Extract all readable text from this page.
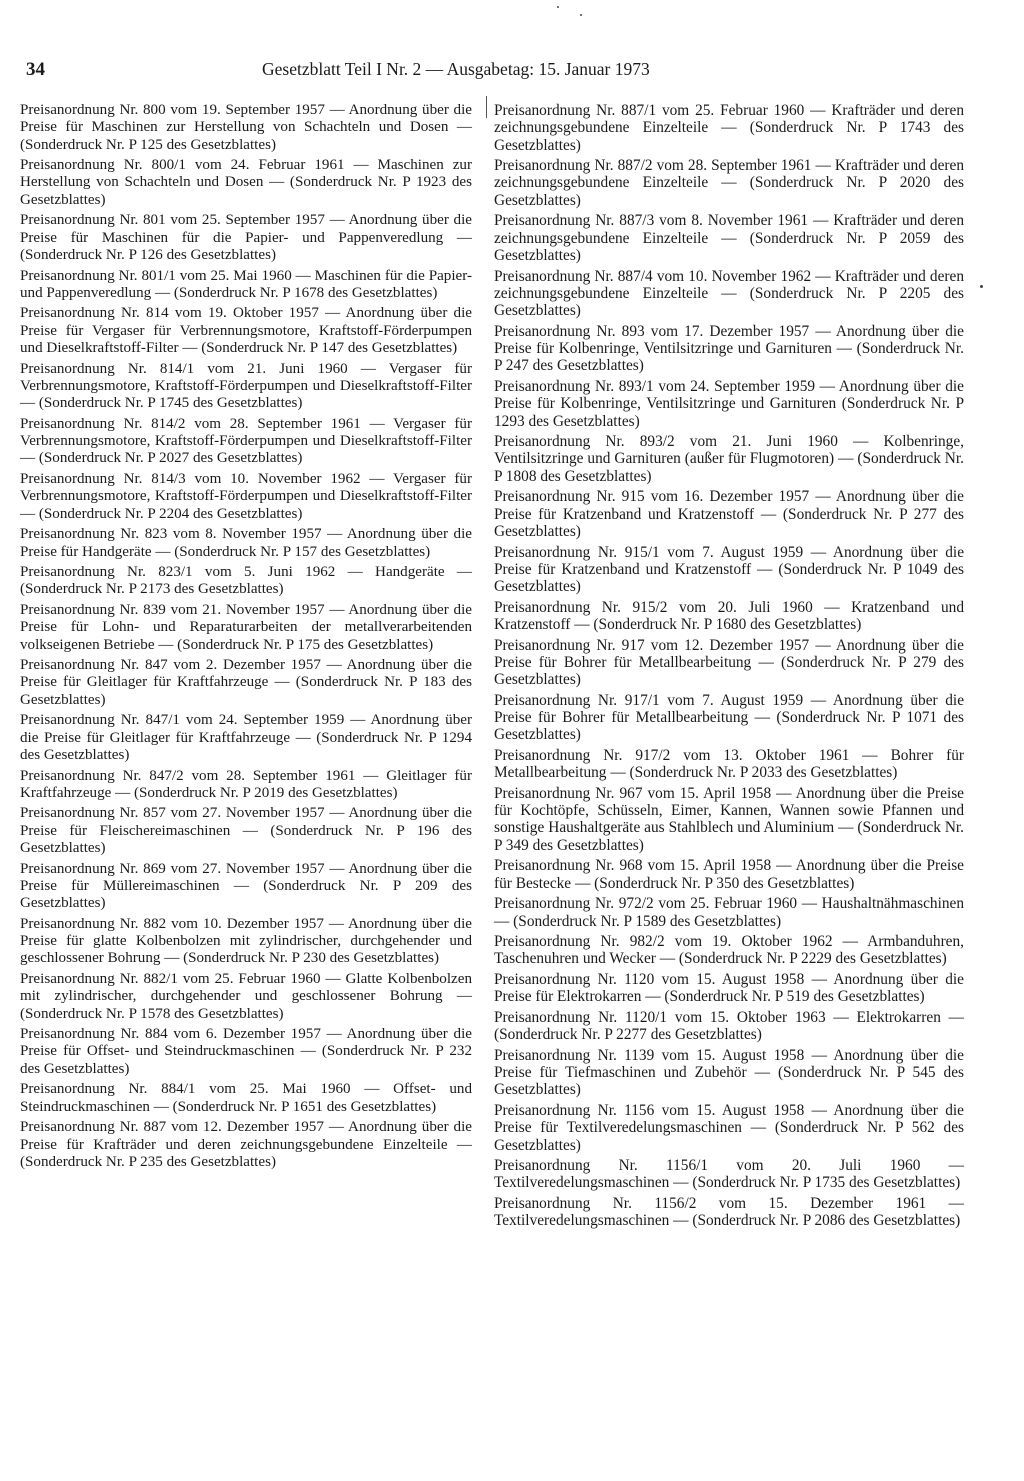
34	Gesetzblatt Teil I Nr. 2 — Ausgabetag: 15. Januar 1973

Preisanordnung Nr. 800 vom 19. September 1957 — Anordnung über die Preise für Maschinen zur Herstellung von Schachteln und Dosen — (Sonderdruck Nr. P 125 des Gesetzblattes)

Preisanordnung Nr. 800/1 vom 24. Februar 1961 — Maschinen zur Herstellung von Schachteln und Dosen — (Sonderdruck Nr. P 1923 des Gesetzblattes)

Preisanordnung Nr. 801 vom 25. September 1957 — Anordnung über die Preise für Maschinen für die Papier- und Pappenveredlung — (Sonderdruck Nr. P 126 des Gesetzblattes)

Preisanordnung Nr. 801/1 vom 25. Mai 1960 — Maschinen für die Papier- und Pappenveredlung — (Sonderdruck Nr. P 1678 des Gesetzblattes)

Preisanordnung Nr. 814 vom 19. Oktober 1957 — Anordnung über die Preise für Vergaser für Verbrennungsmotore, Kraftstoff-Förderpumpen und Dieselkraftstoff-Filter — (Sonderdruck Nr. P 147 des Gesetzblattes)

Preisanordnung Nr. 814/1 vom 21. Juni 1960 — Vergaser für Verbrennungsmotore, Kraftstoff-Förderpumpen und Dieselkraftstoff-Filter — (Sonderdruck Nr. P 1745 des Gesetzblattes)

Preisanordnung Nr. 814/2 vom 28. September 1961 — Vergaser für Verbrennungsmotore, Kraftstoff-Förderpumpen und Dieselkraftstoff-Filter — (Sonderdruck Nr. P 2027 des Gesetzblattes)

Preisanordnung Nr. 814/3 vom 10. November 1962 — Vergaser für Verbrennungsmotore, Kraftstoff-Förderpumpen und Dieselkraftstoff-Filter — (Sonderdruck Nr. P 2204 des Gesetzblattes)

Preisanordnung Nr. 823 vom 8. November 1957 — Anordnung über die Preise für Handgeräte — (Sonderdruck Nr. P 157 des Gesetzblattes)

Preisanordnung Nr. 823/1 vom 5. Juni 1962 — Handgeräte — (Sonderdruck Nr. P 2173 des Gesetzblattes)

Preisanordnung Nr. 839 vom 21. November 1957 — Anordnung über die Preise für Lohn- und Reparaturarbeiten der metallverarbeitenden volkseigenen Betriebe — (Sonderdruck Nr. P 175 des Gesetzblattes)

Preisanordnung Nr. 847 vom 2. Dezember 1957 — Anordnung über die Preise für Gleitlager für Kraftfahrzeuge — (Sonderdruck Nr. P 183 des Gesetzblattes)

Preisanordnung Nr. 847/1 vom 24. September 1959 — Anordnung über die Preise für Gleitlager für Kraftfahrzeuge — (Sonderdruck Nr. P 1294 des Gesetzblattes)

Preisanordnung Nr. 847/2 vom 28. September 1961 — Gleitlager für Kraftfahrzeuge — (Sonderdruck Nr. P 2019 des Gesetzblattes)

Preisanordnung Nr. 857 vom 27. November 1957 — Anordnung über die Preise für Fleischereimaschinen — (Sonderdruck Nr. P 196 des Gesetzblattes)

Preisanordnung Nr. 869 vom 27. November 1957 — Anordnung über die Preise für Müllereimaschinen — (Sonderdruck Nr. P 209 des Gesetzblattes)

Preisanordnung Nr. 882 vom 10. Dezember 1957 — Anordnung über die Preise für glatte Kolbenbolzen mit zylindrischer, durchgehender und geschlossener Bohrung — (Sonderdruck Nr. P 230 des Gesetzblattes)

Preisanordnung Nr. 882/1 vom 25. Februar 1960 — Glatte Kolbenbolzen mit zylindrischer, durchgehender und geschlossener Bohrung — (Sonderdruck Nr. P 1578 des Gesetzblattes)

Preisanordnung Nr. 884 vom 6. Dezember 1957 — Anordnung über die Preise für Offset- und Steindruckmaschinen — (Sonderdruck Nr. P 232 des Gesetzblattes)

Preisanordnung Nr. 884/1 vom 25. Mai 1960 — Offset- und Steindruckmaschinen — (Sonderdruck Nr. P 1651 des Gesetzblattes)

Preisanordnung Nr. 887 vom 12. Dezember 1957 — Anordnung über die Preise für Krafträder und deren zeichnungsgebundene Einzelteile — (Sonderdruck Nr. P 235 des Gesetzblattes)

Preisanordnung Nr. 887/1 vom 25. Februar 1960 — Krafträder und deren zeichnungsgebundene Einzelteile — (Sonderdruck Nr. P 1743 des Gesetzblattes)

Preisanordnung Nr. 887/2 vom 28. September 1961 — Krafträder und deren zeichnungsgebundene Einzelteile — (Sonderdruck Nr. P 2020 des Gesetzblattes)

Preisanordnung Nr. 887/3 vom 8. November 1961 — Krafträder und deren zeichnungsgebundene Einzelteile — (Sonderdruck Nr. P 2059 des Gesetzblattes)

Preisanordnung Nr. 887/4 vom 10. November 1962 — Krafträder und deren zeichnungsgebundene Einzelteile — (Sonderdruck Nr. P 2205 des Gesetzblattes)

Preisanordnung Nr. 893 vom 17. Dezember 1957 — Anordnung über die Preise für Kolbenringe, Ventilsitzringe und Garnituren — (Sonderdruck Nr. P 247 des Gesetzblattes)

Preisanordnung Nr. 893/1 vom 24. September 1959 — Anordnung über die Preise für Kolbenringe, Ventilsitzringe und Garnituren (Sonderdruck Nr. P 1293 des Gesetzblattes)

Preisanordnung Nr. 893/2 vom 21. Juni 1960 — Kolbenringe, Ventilsitzringe und Garnituren (außer für Flugmotoren) — (Sonderdruck Nr. P 1808 des Gesetzblattes)

Preisanordnung Nr. 915 vom 16. Dezember 1957 — Anordnung über die Preise für Kratzenband und Kratzenstoff — (Sonderdruck Nr. P 277 des Gesetzblattes)

Preisanordnung Nr. 915/1 vom 7. August 1959 — Anordnung über die Preise für Kratzenband und Kratzenstoff — (Sonderdruck Nr. P 1049 des Gesetzblattes)

Preisanordnung Nr. 915/2 vom 20. Juli 1960 — Kratzenband und Kratzenstoff — (Sonderdruck Nr. P 1680 des Gesetzblattes)

Preisanordnung Nr. 917 vom 12. Dezember 1957 — Anordnung über die Preise für Bohrer für Metallbearbeitung — (Sonderdruck Nr. P 279 des Gesetzblattes)

Preisanordnung Nr. 917/1 vom 7. August 1959 — Anordnung über die Preise für Bohrer für Metallbearbeitung — (Sonderdruck Nr. P 1071 des Gesetzblattes)

Preisanordnung Nr. 917/2 vom 13. Oktober 1961 — Bohrer für Metallbearbeitung — (Sonderdruck Nr. P 2033 des Gesetzblattes)

Preisanordnung Nr. 967 vom 15. April 1958 — Anordnung über die Preise für Kochtöpfe, Schüsseln, Eimer, Kannen, Wannen sowie Pfannen und sonstige Haushaltgeräte aus Stahlblech und Aluminium — (Sonderdruck Nr. P 349 des Gesetzblattes)

Preisanordnung Nr. 968 vom 15. April 1958 — Anordnung über die Preise für Bestecke — (Sonderdruck Nr. P 350 des Gesetzblattes)

Preisanordnung Nr. 972/2 vom 25. Februar 1960 — Haushaltnähmaschinen — (Sonderdruck Nr. P 1589 des Gesetzblattes)

Preisanordnung Nr. 982/2 vom 19. Oktober 1962 — Armbanduhren, Taschenuhren und Wecker — (Sonderdruck Nr. P 2229 des Gesetzblattes)

Preisanordnung Nr. 1120 vom 15. August 1958 — Anordnung über die Preise für Elektrokarren — (Sonderdruck Nr. P 519 des Gesetzblattes)

Preisanordnung Nr. 1120/1 vom 15. Oktober 1963 — Elektrokarren — (Sonderdruck Nr. P 2277 des Gesetzblattes)

Preisanordnung Nr. 1139 vom 15. August 1958 — Anordnung über die Preise für Tiefmaschinen und Zubehör — (Sonderdruck Nr. P 545 des Gesetzblattes)

Preisanordnung Nr. 1156 vom 15. August 1958 — Anordnung über die Preise für Textilveredelungsmaschinen — (Sonderdruck Nr. P 562 des Gesetzblattes)

Preisanordnung Nr. 1156/1 vom 20. Juli 1960 — Textilveredelungsmaschinen — (Sonderdruck Nr. P 1735 des Gesetzblattes)

Preisanordnung Nr. 1156/2 vom 15. Dezember 1961 — Textilveredelungsmaschinen — (Sonderdruck Nr. P 2086 des Gesetzblattes)
